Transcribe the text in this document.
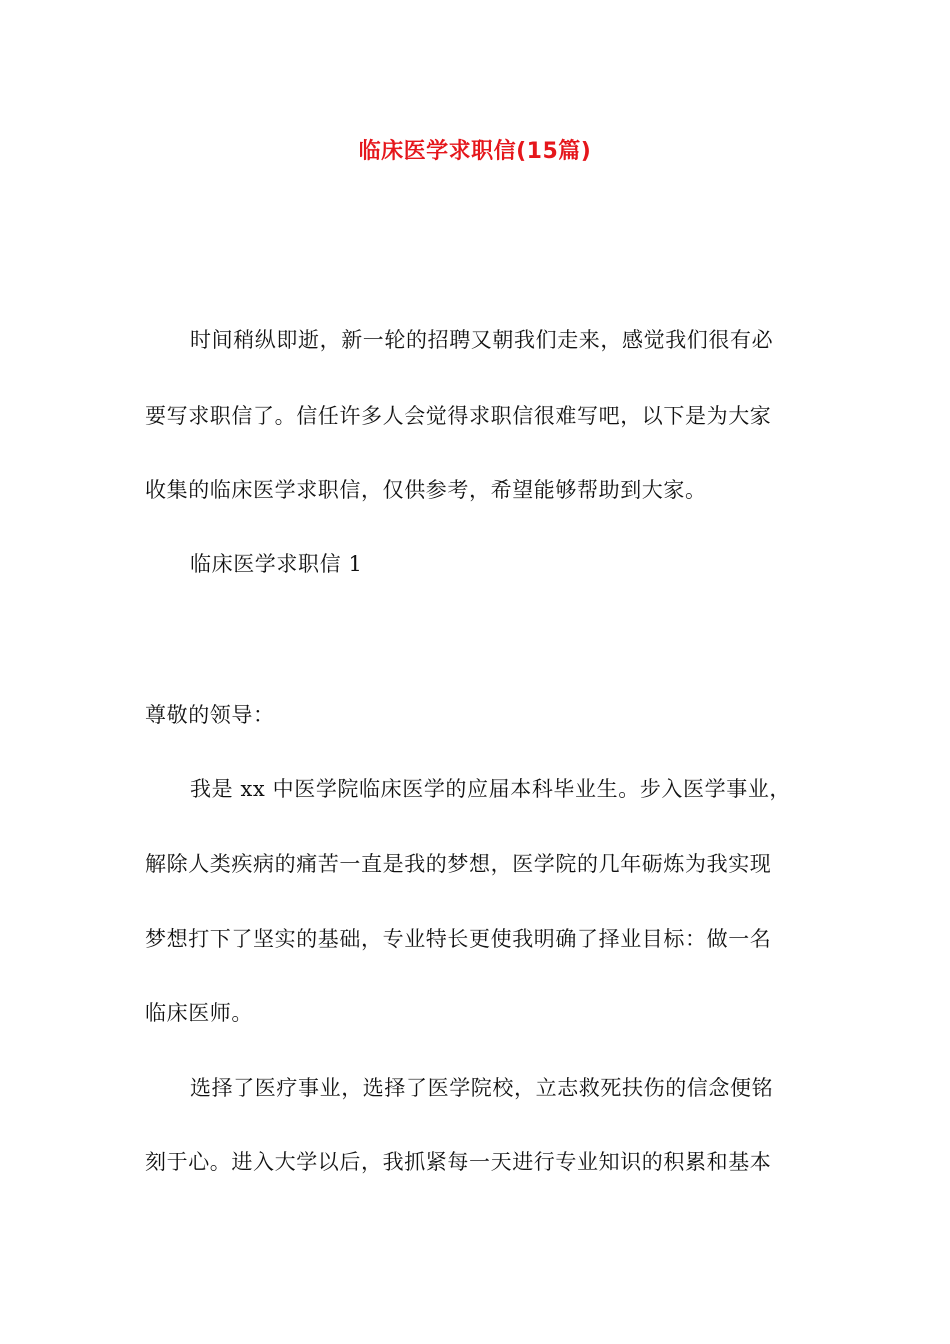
临床医学求职信(15篇)
时间稍纵即逝，新一轮的招聘又朝我们走来，感觉我们很有必
要写求职信了。信任许多人会觉得求职信很难写吧，以下是为大家
收集的临床医学求职信，仅供参考，希望能够帮助到大家。
临床医学求职信 1
尊敬的领导：
我是 xx 中医学院临床医学的应届本科毕业生。步入医学事业，
解除人类疾病的痛苦一直是我的梦想，医学院的几年砺炼为我实现
梦想打下了坚实的基础，专业特长更使我明确了择业目标：做一名
临床医师。
选择了医疗事业，选择了医学院校，立志救死扶伤的信念便铭
刻于心。进入大学以后，我抓紧每一天进行专业知识的积累和基本
